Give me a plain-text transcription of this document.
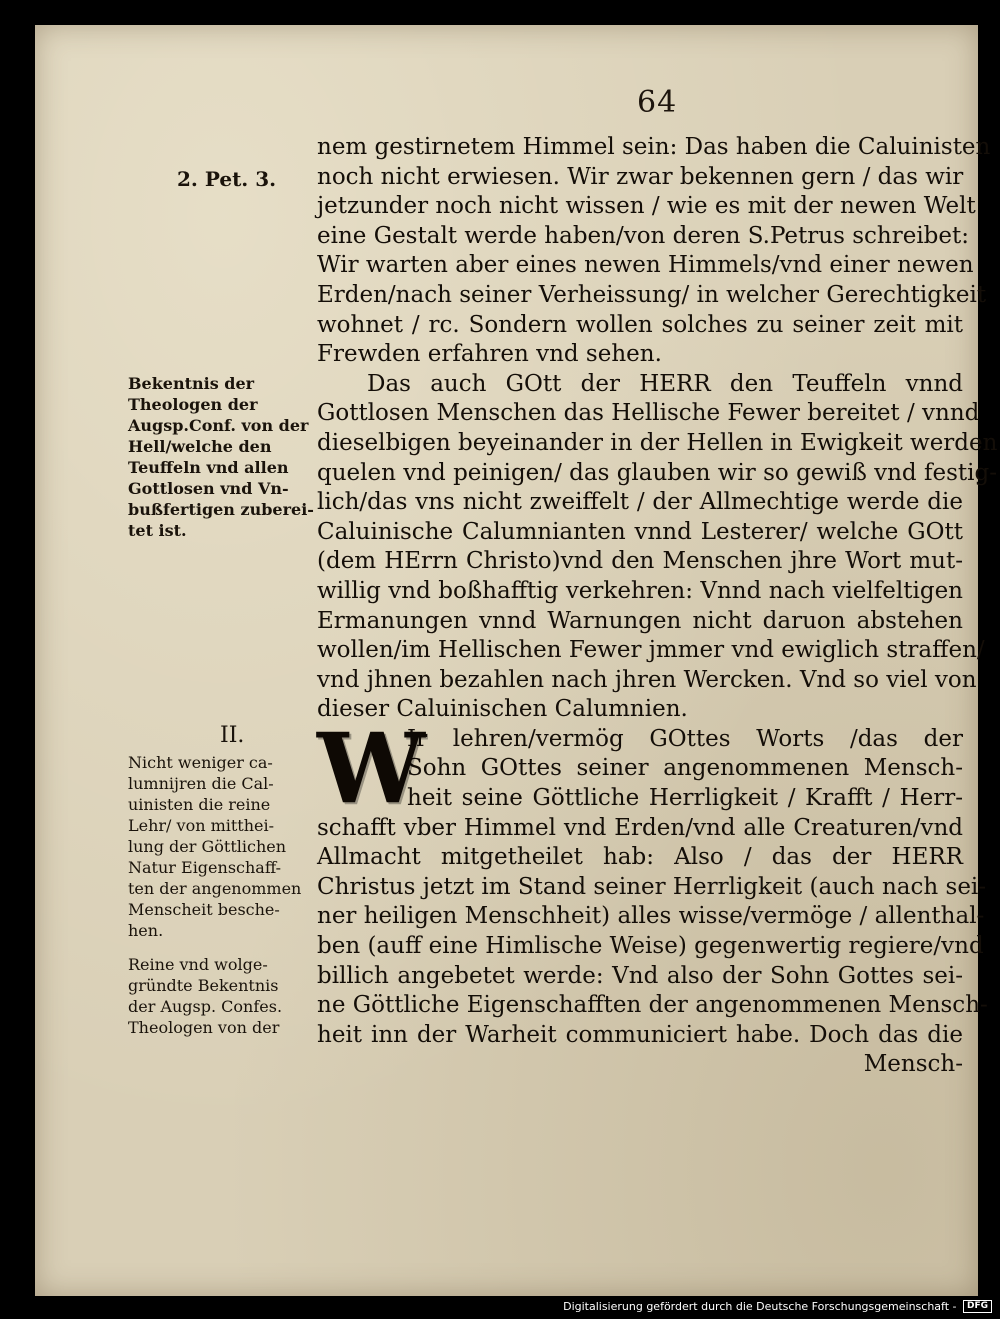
64
2. Pet. 3.
Bekentnis der
Theologen der
Augsp.Conf. von der
Hell/welche den
Teuffeln vnd allen
Gottlosen vnd Vn-
bußfertigen zuberei-
tet ist.
II.
Nicht weniger ca-
lumnijren die Cal-
uinisten die reine
Lehr/ von mitthei-
lung der Göttlichen
Natur Eigenschaff-
ten der angenommen
Menscheit besche-
hen.
Reine vnd wolge-
gründte Bekentnis
der Augsp. Confes.
Theologen von der
nem gestirnetem Himmel sein: Das haben die Caluinisten
noch nicht erwiesen. Wir zwar bekennen gern / das wir
jetzunder noch nicht wissen / wie es mit der newen Welt
eine Gestalt werde haben/von deren S.Petrus schreibet:
Wir warten aber eines newen Himmels/vnd einer newen
Erden/nach seiner Verheissung/ in welcher Gerechtigkeit
wohnet / rc. Sondern wollen solches zu seiner zeit mit
Frewden erfahren vnd sehen.
Das auch GOtt der HERR den Teuffeln vnnd
Gottlosen Menschen das Hellische Fewer bereitet / vnnd
dieselbigen beyeinander in der Hellen in Ewigkeit werden
quelen vnd peinigen/ das glauben wir so gewiß vnd festig-
lich/das vns nicht zweiffelt / der Allmechtige werde die
Caluinische Calumnianten vnnd Lesterer/ welche GOtt
(dem HErrn Christo)vnd den Menschen jhre Wort mut-
willig vnd boßhafftig verkehren: Vnnd nach vielfeltigen
Ermanungen vnnd Warnungen nicht daruon abstehen
wollen/im Hellischen Fewer jmmer vnd ewiglich straffen/
vnd jhnen bezahlen nach jhren Wercken. Vnd so viel von
dieser Caluinischen Calumnien.
W
Ir lehren/vermög GOttes Worts /das der
Sohn GOttes seiner angenommenen Mensch-
heit seine Göttliche Herrligkeit / Krafft / Herr-
schafft vber Himmel vnd Erden/vnd alle Creaturen/vnd
Allmacht mitgetheilet hab: Also / das der HERR
Christus jetzt im Stand seiner Herrligkeit (auch nach sei-
ner heiligen Menschheit) alles wisse/vermöge / allenthal-
ben (auff eine Himlische Weise) gegenwertig regiere/vnd
billich angebetet werde: Vnd also der Sohn Gottes sei-
ne Göttliche Eigenschafften der angenommenen Mensch-
heit inn der Warheit communiciert habe. Doch das die
Mensch-
Digitalisierung gefördert durch die Deutsche Forschungsgemeinschaft - DFG
